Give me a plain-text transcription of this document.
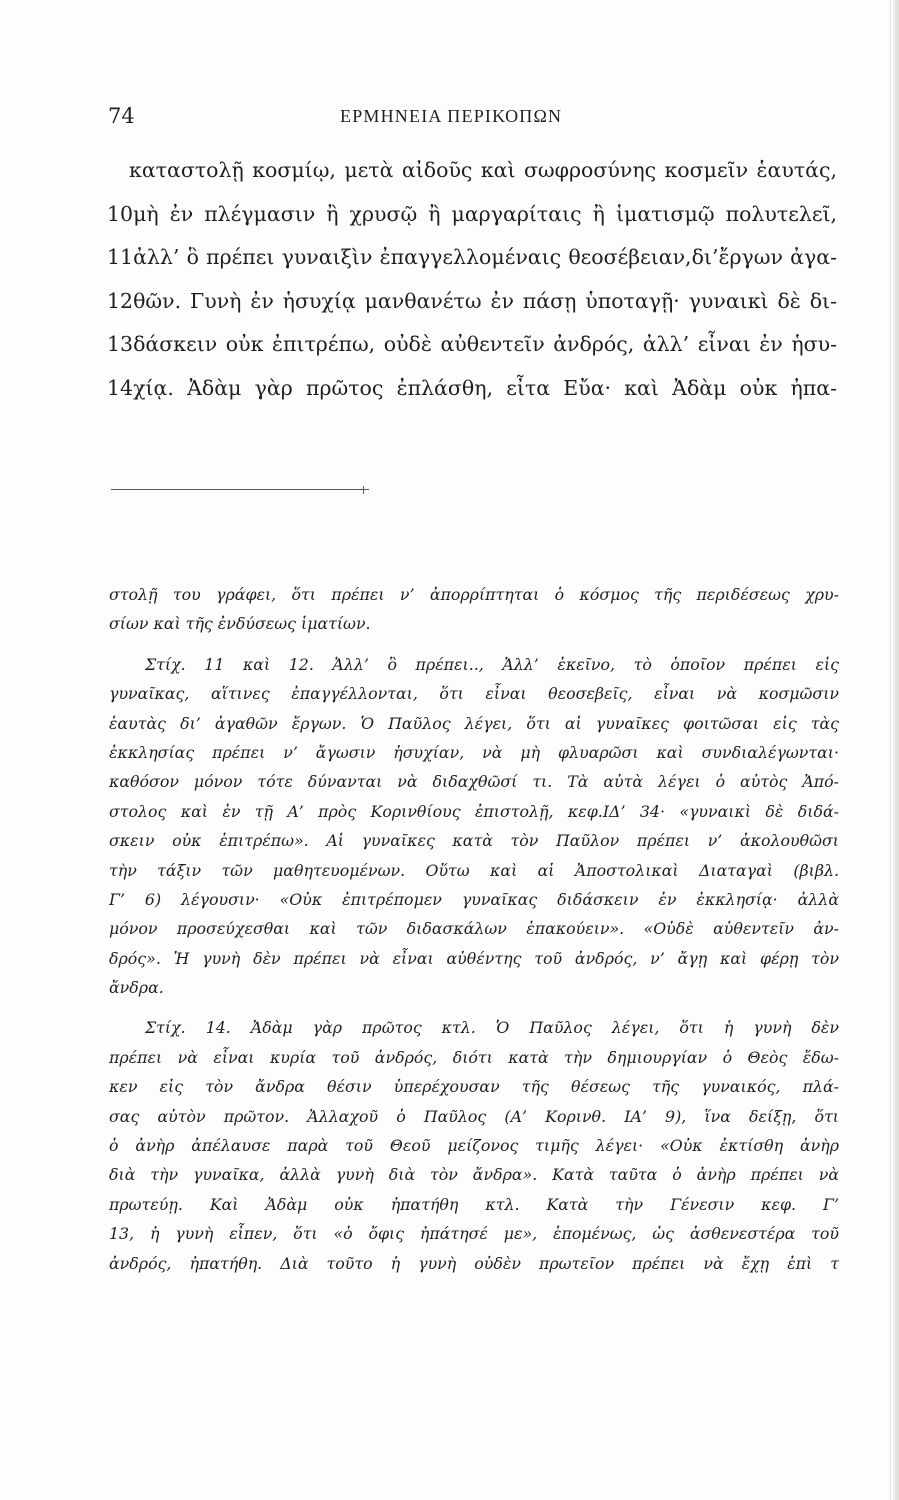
74	ΕΡΜΗΝΕΙΑ ΠΕΡΙΚΟΠΩΝ
καταστολῇ κοσμίῳ, μετὰ αἰδοῦς καὶ σωφροσύνης κοσμεῖν ἑαυτάς,
10μὴ ἐν πλέγμασιν ἢ χρυσῷ ἢ μαργαρίταις ἢ ἱματισμῷ πολυτελεῖ,
11ἀλλ’ ὃ πρέπει γυναιξὶν ἐπαγγελλομέναις θεοσέβειαν,δι’ἔργων ἀγα-
12θῶν. Γυνὴ ἐν ἡσυχίᾳ μανθανέτω ἐν πάσῃ ὑποταγῇ· γυναικὶ δὲ δι-
13δάσκειν οὐκ ἐπιτρέπω, οὐδὲ αὐθεντεῖν ἀνδρός, ἀλλ’ εἶναι ἐν ἡσυ-
14χίᾳ. Ἀδὰμ γὰρ πρῶτος ἐπλάσθη, εἶτα Εὔα· καὶ Ἀδὰμ οὐκ ἠπα-
στολῇ του γράφει, ὅτι πρέπει ν’ ἀπορρίπτηται ὁ κόσμος τῆς περιδέσεως χρυ-
σίων καὶ τῆς ἐνδύσεως ἱματίων.
Στίχ. 11 καὶ 12. Ἀλλ’ ὃ πρέπει.., Ἀλλ’ ἐκεῖνο, τὸ ὁποῖον πρέπει εἰς
γυναῖκας, αἵτινες ἐπαγγέλλονται, ὅτι εἶναι θεοσεβεῖς, εἶναι νὰ κοσμῶσιν
ἑαυτὰς δι’ ἀγαθῶν ἔργων. Ὁ Παῦλος λέγει, ὅτι αἱ γυναῖκες φοιτῶσαι εἰς τὰς
ἐκκλησίας πρέπει ν’ ἄγωσιν ἡσυχίαν, νὰ μὴ φλυαρῶσι καὶ συνδιαλέγωνται·
καθόσον μόνον τότε δύνανται νὰ διδαχθῶσί τι. Τὰ αὐτὰ λέγει ὁ αὐτὸς Ἀπό-
στολος καὶ ἐν τῇ Α’ πρὸς Κορινθίους ἐπιστολῇ, κεφ.ΙΔ’ 34· «γυναικὶ δὲ διδά-
σκειν οὐκ ἐπιτρέπω». Αἱ γυναῖκες κατὰ τὸν Παῦλον πρέπει ν’ ἀκολουθῶσι
τὴν τάξιν τῶν μαθητευομένων. Οὕτω καὶ αἱ Ἀποστολικαὶ Διαταγαὶ (βιβλ.
Γ’ 6) λέγουσιν· «Οὐκ ἐπιτρέπομεν γυναῖκας διδάσκειν ἐν ἐκκλησίᾳ· ἀλλὰ
μόνον προσεύχεσθαι καὶ τῶν διδασκάλων ἐπακούειν». «Οὐδὲ αὐθεντεῖν ἀν-
δρός». Ἡ γυνὴ δὲν πρέπει νὰ εἶναι αὐθέντης τοῦ ἀνδρός, ν’ ἄγῃ καὶ φέρῃ τὸν
ἄνδρα.
Στίχ. 14. Ἀδὰμ γὰρ πρῶτος κτλ. Ὁ Παῦλος λέγει, ὅτι ἡ γυνὴ δὲν
πρέπει νὰ εἶναι κυρία τοῦ ἀνδρός, διότι κατὰ τὴν δημιουργίαν ὁ Θεὸς ἔδω-
κεν εἰς τὸν ἄνδρα θέσιν ὑπερέχουσαν τῆς θέσεως τῆς γυναικός, πλά-
σας αὐτὸν πρῶτον. Ἀλλαχοῦ ὁ Παῦλος (Α’ Κορινθ. ΙΑ’ 9), ἵνα δείξῃ, ὅτι
ὁ ἀνὴρ ἀπέλαυσε παρὰ τοῦ Θεοῦ μείζονος τιμῆς λέγει· «Οὐκ ἐκτίσθη ἀνὴρ
διὰ τὴν γυναῖκα, ἀλλὰ γυνὴ διὰ τὸν ἄνδρα». Κατὰ ταῦτα ὁ ἀνὴρ πρέπει νὰ
πρωτεύῃ. Καὶ Ἀδὰμ οὐκ ἠπατήθη κτλ. Κατὰ τὴν Γένεσιν κεφ. Γ’
13, ἡ γυνὴ εἶπεν, ὅτι «ὁ ὄφις ἠπάτησέ με», ἑπομένως, ὡς ἀσθενεστέρα τοῦ
ἀνδρός, ἠπατήθη. Διὰ τοῦτο ἡ γυνὴ οὐδὲν πρωτεῖον πρέπει νὰ ἔχῃ ἐπὶ τ
